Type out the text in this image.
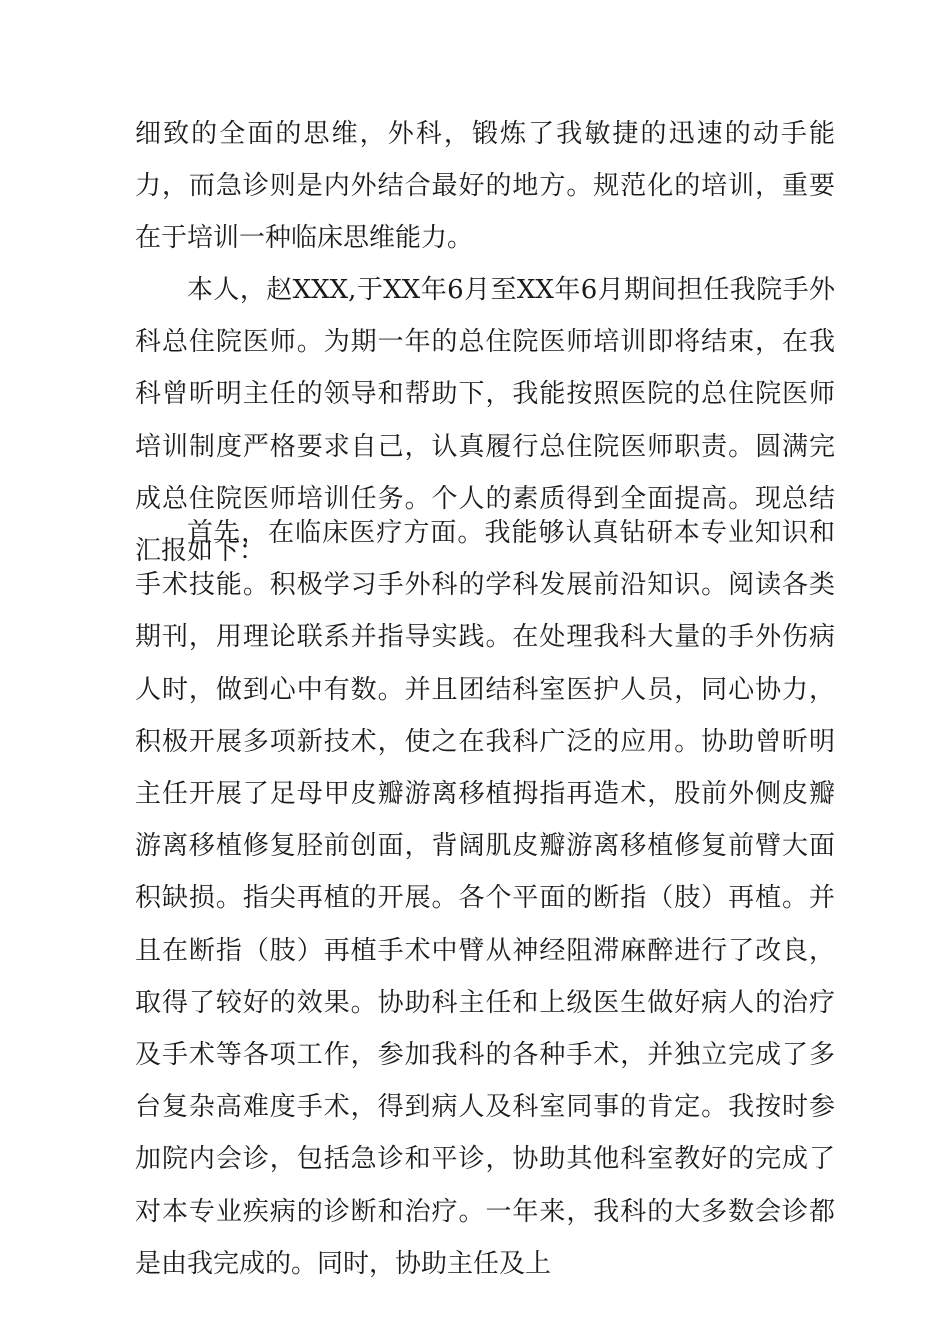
细致的全面的思维，外科，锻炼了我敏捷的迅速的动手能力，而急诊则是内外结合最好的地方。规范化的培训，重要在于培训一种临床思维能力。

本人，赵XXX,于XX年6月至XX年6月期间担任我院手外科总住院医师。为期一年的总住院医师培训即将结束，在我科曾昕明主任的领导和帮助下，我能按照医院的总住院医师培训制度严格要求自己，认真履行总住院医师职责。圆满完成总住院医师培训任务。个人的素质得到全面提高。现总结汇报如下：

首先，在临床医疗方面。我能够认真钻研本专业知识和手术技能。积极学习手外科的学科发展前沿知识。阅读各类期刊，用理论联系并指导实践。在处理我科大量的手外伤病人时，做到心中有数。并且团结科室医护人员，同心协力，积极开展多项新技术，使之在我科广泛的应用。协助曾昕明主任开展了足母甲皮瓣游离移植拇指再造术，股前外侧皮瓣游离移植修复胫前创面，背阔肌皮瓣游离移植修复前臂大面积缺损。指尖再植的开展。各个平面的断指（肢）再植。并且在断指（肢）再植手术中臂从神经阻滞麻醉进行了改良，取得了较好的效果。协助科主任和上级医生做好病人的治疗及手术等各项工作，参加我科的各种手术，并独立完成了多台复杂高难度手术，得到病人及科室同事的肯定。我按时参加院内会诊，包括急诊和平诊，协助其他科室教好的完成了对本专业疾病的诊断和治疗。一年来，我科的大多数会诊都是由我完成的。同时，协助主任及上
